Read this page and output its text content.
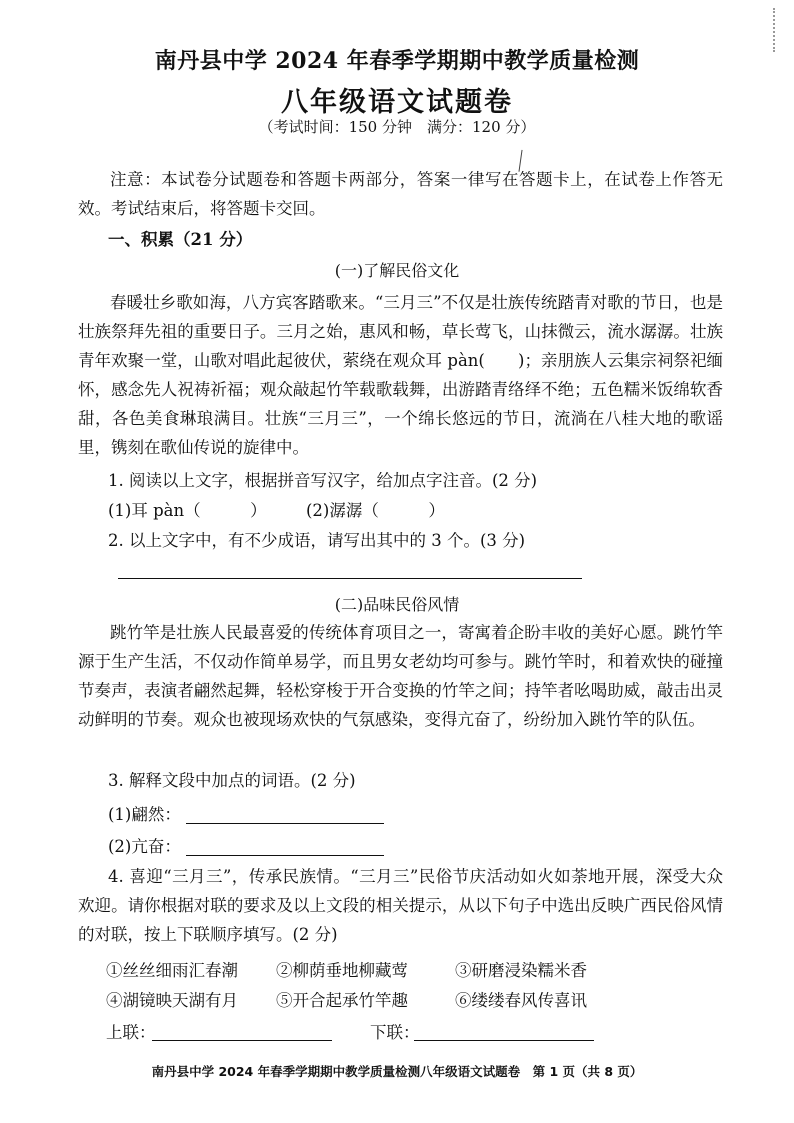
南丹县中学 2024 年春季学期期中教学质量检测
八年级语文试题卷
（考试时间：150 分钟　满分：120 分）

注意：本试卷分试题卷和答题卡两部分，答案一律写在答题卡上，在试卷上作答无效。考试结束后，将答题卡交回。

一、积累（21 分）
(一)了解民俗文化

春暖壮乡歌如海，八方宾客踏歌来。“三月三”不仅是壮族传统踏青对歌的节日，也是壮族祭拜先祖的重要日子。三月之始，惠风和畅，草长莺飞，山抹微云，流水潺潺。壮族青年欢聚一堂，山歌对唱此起彼伏，萦绕在观众耳 pàn(　　)；亲朋族人云集宗祠祭祀缅怀，感念先人祝祷祈福；观众敲起竹竿载歌载舞，出游踏青络绎不绝；五色糯米饭绵软香甜，各色美食琳琅满目。壮族“三月三”，一个绵长悠远的节日，流淌在八桂大地的歌谣里，镌刻在歌仙传说的旋律中。

1. 阅读以上文字，根据拼音写汉字，给加点字注音。(2 分)

(1)耳 pàn（　　　） (2)潺潺（　　　）

2. 以上文字中，有不少成语，请写出其中的 3 个。(3 分)

(二)品味民俗风情

跳竹竿是壮族人民最喜爱的传统体育项目之一，寄寓着企盼丰收的美好心愿。跳竹竿源于生产生活，不仅动作简单易学，而且男女老幼均可参与。跳竹竿时，和着欢快的碰撞节奏声，表演者翩然起舞，轻松穿梭于开合变换的竹竿之间；持竿者吆喝助威，敲击出灵动鲜明的节奏。观众也被现场欢快的气氛感染，变得亢奋了，纷纷加入跳竹竿的队伍。

3. 解释文段中加点的词语。(2 分)

(1)翩然：
(2)亢奋：

4. 喜迎“三月三”，传承民族情。“三月三”民俗节庆活动如火如荼地开展，深受大众欢迎。请你根据对联的要求及以上文段的相关提示，从以下句子中选出反映广西民俗风情的对联，按上下联顺序填写。(2 分)

①丝丝细雨汇春潮 ②柳荫垂地柳藏莺	③研磨浸染糯米香
④湖镜映天湖有月 ⑤开合起承竹竿趣	⑥缕缕春风传喜讯
上联：	下联：
南丹县中学 2024 年春季学期期中教学质量检测八年级语文试题卷　第 1 页（共 8 页）
